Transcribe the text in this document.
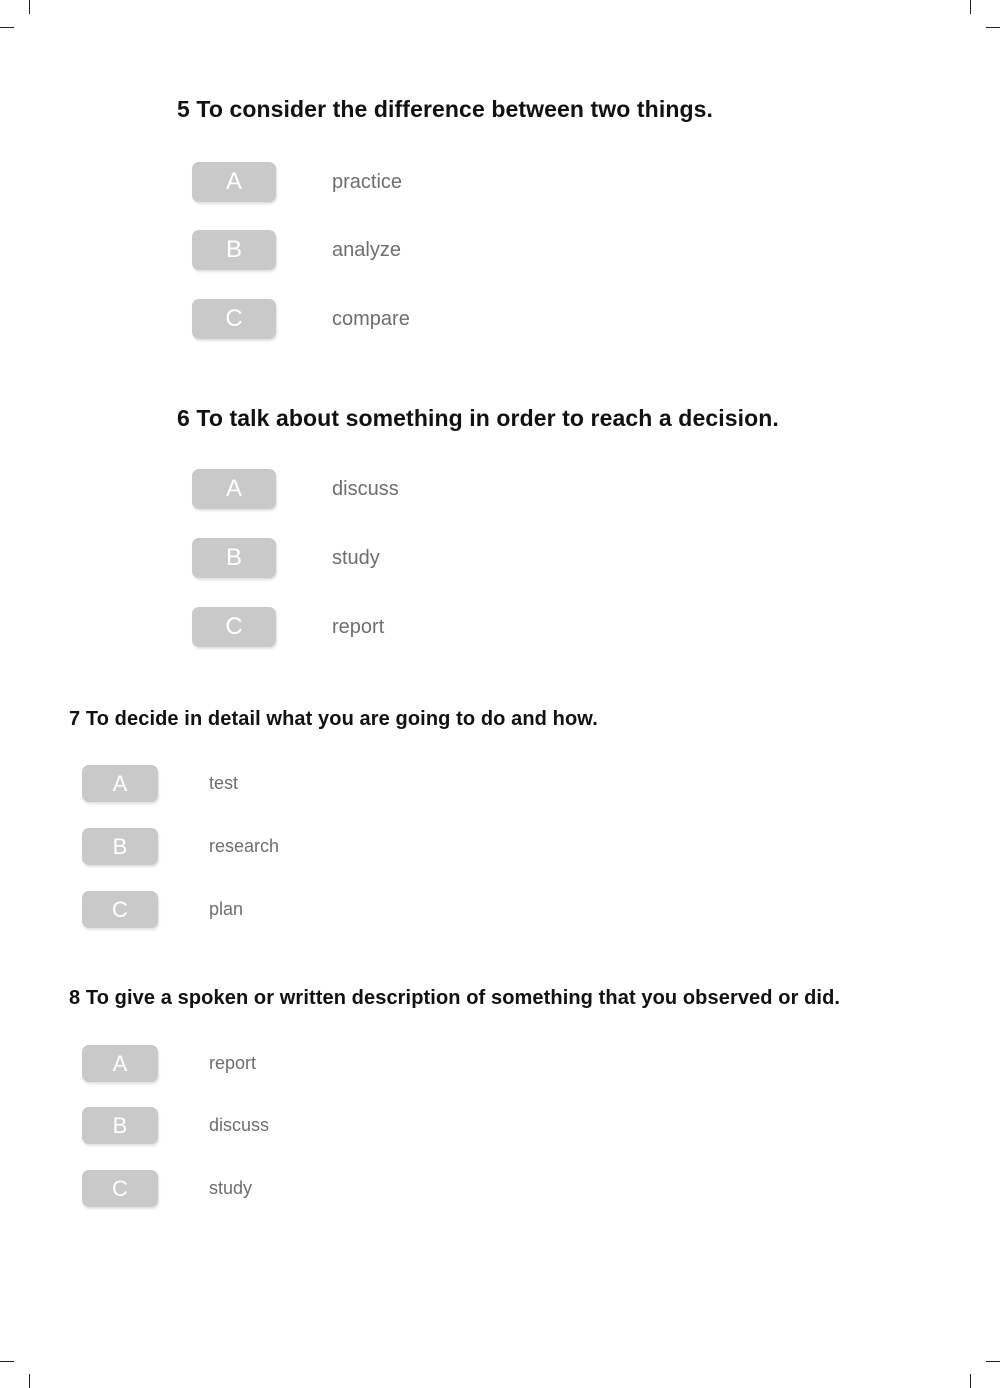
5 To consider the difference between two things.
A	practice
B	analyze
C	compare
6 To talk about something in order to reach a decision.
A	discuss
B	study
C	report
7 To decide in detail what you are going to do and how.
A	test
B	research
C	plan
8 To give a spoken or written description of something that you observed or did.
A	report
B	discuss
C	study
